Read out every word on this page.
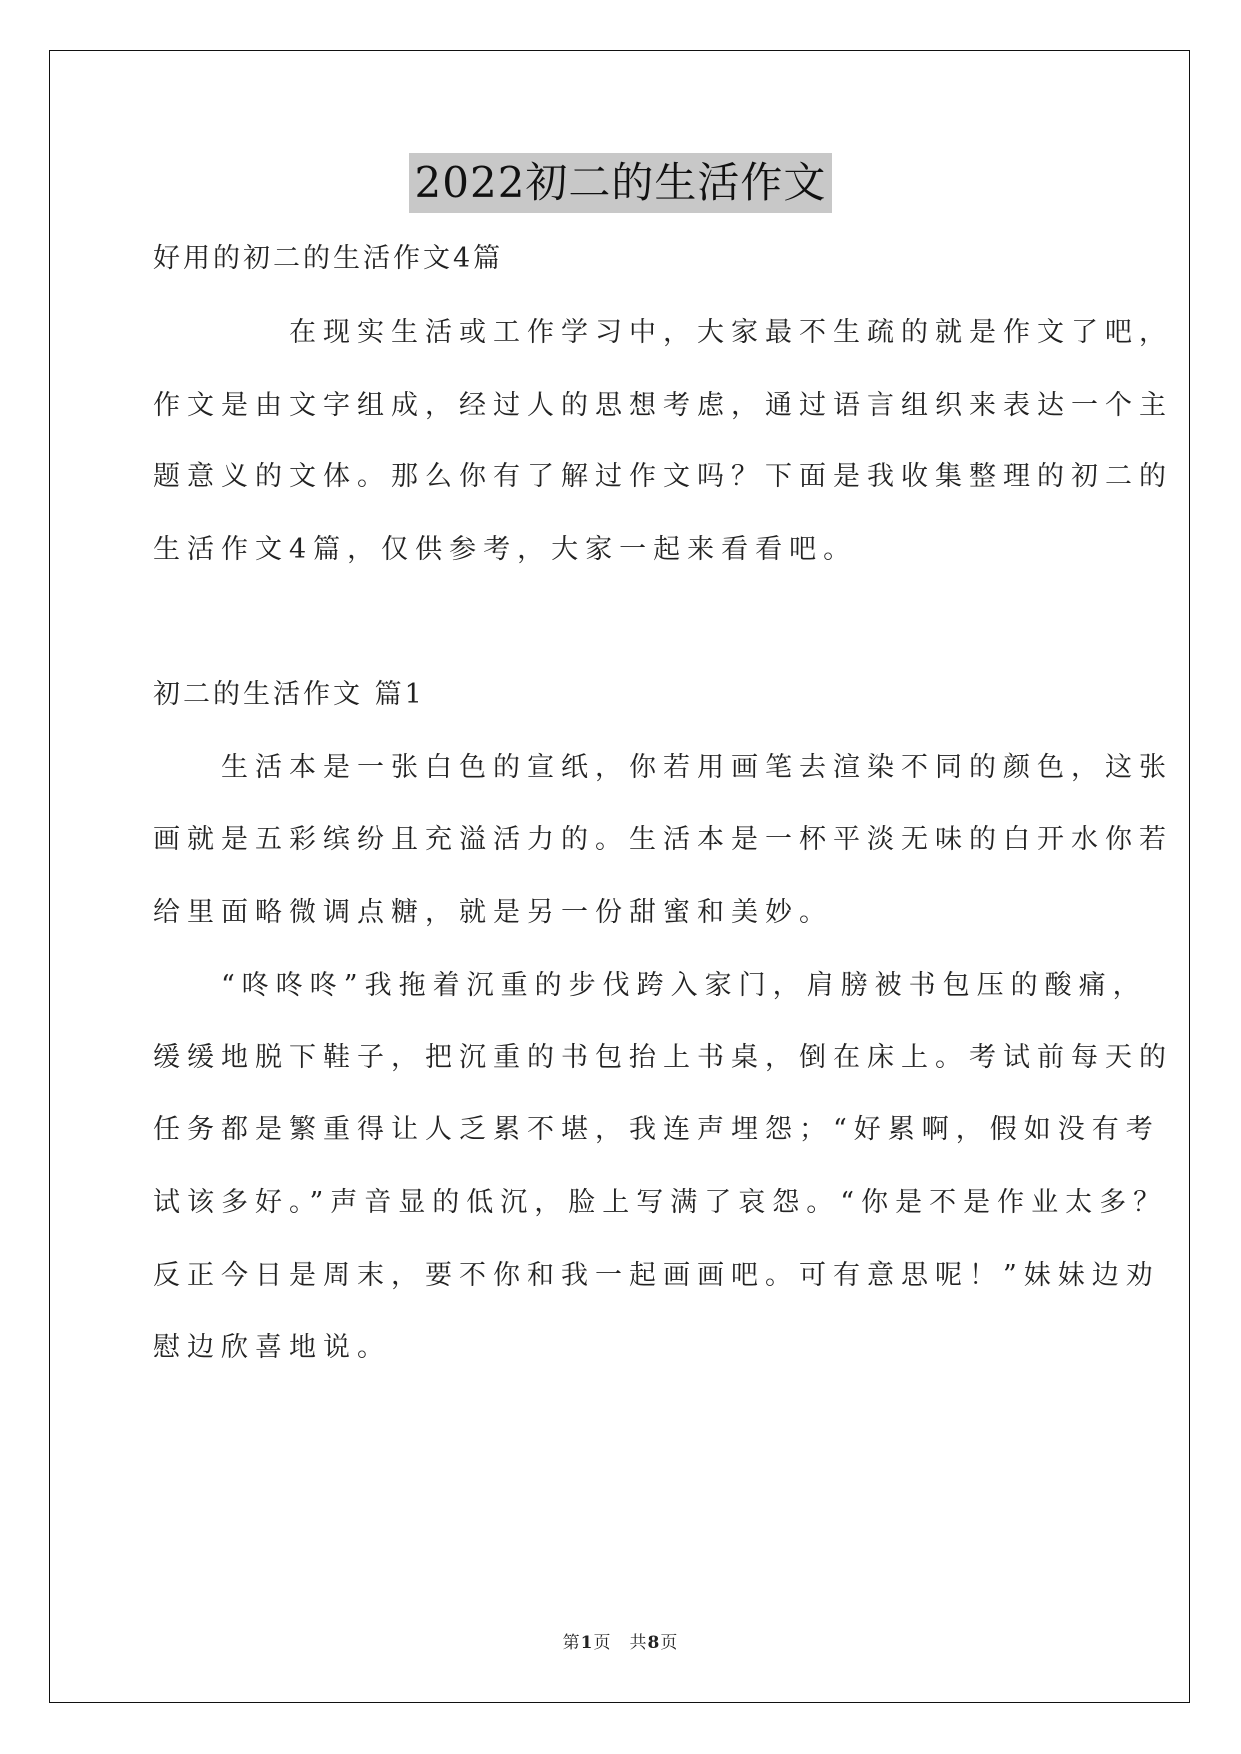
2022初二的生活作文
好用的初二的生活作文4篇
　　　　在现实生活或工作学习中，大家最不生疏的就是作文了吧，
作文是由文字组成，经过人的思想考虑，通过语言组织来表达一个主
题意义的文体。那么你有了解过作文吗？下面是我收集整理的初二的
生活作文4篇，仅供参考，大家一起来看看吧。
初二的生活作文 篇1
　　生活本是一张白色的宣纸，你若用画笔去渲染不同的颜色，这张
画就是五彩缤纷且充溢活力的。生活本是一杯平淡无味的白开水你若
给里面略微调点糖，就是另一份甜蜜和美妙。
　　“咚咚咚”我拖着沉重的步伐跨入家门，肩膀被书包压的酸痛，
缓缓地脱下鞋子，把沉重的书包抬上书桌，倒在床上。考试前每天的
任务都是繁重得让人乏累不堪，我连声埋怨；“好累啊，假如没有考
试该多好。”声音显的低沉，脸上写满了哀怨。“你是不是作业太多？
反正今日是周末，要不你和我一起画画吧。可有意思呢！”妹妹边劝
慰边欣喜地说。
第1页　共8页
